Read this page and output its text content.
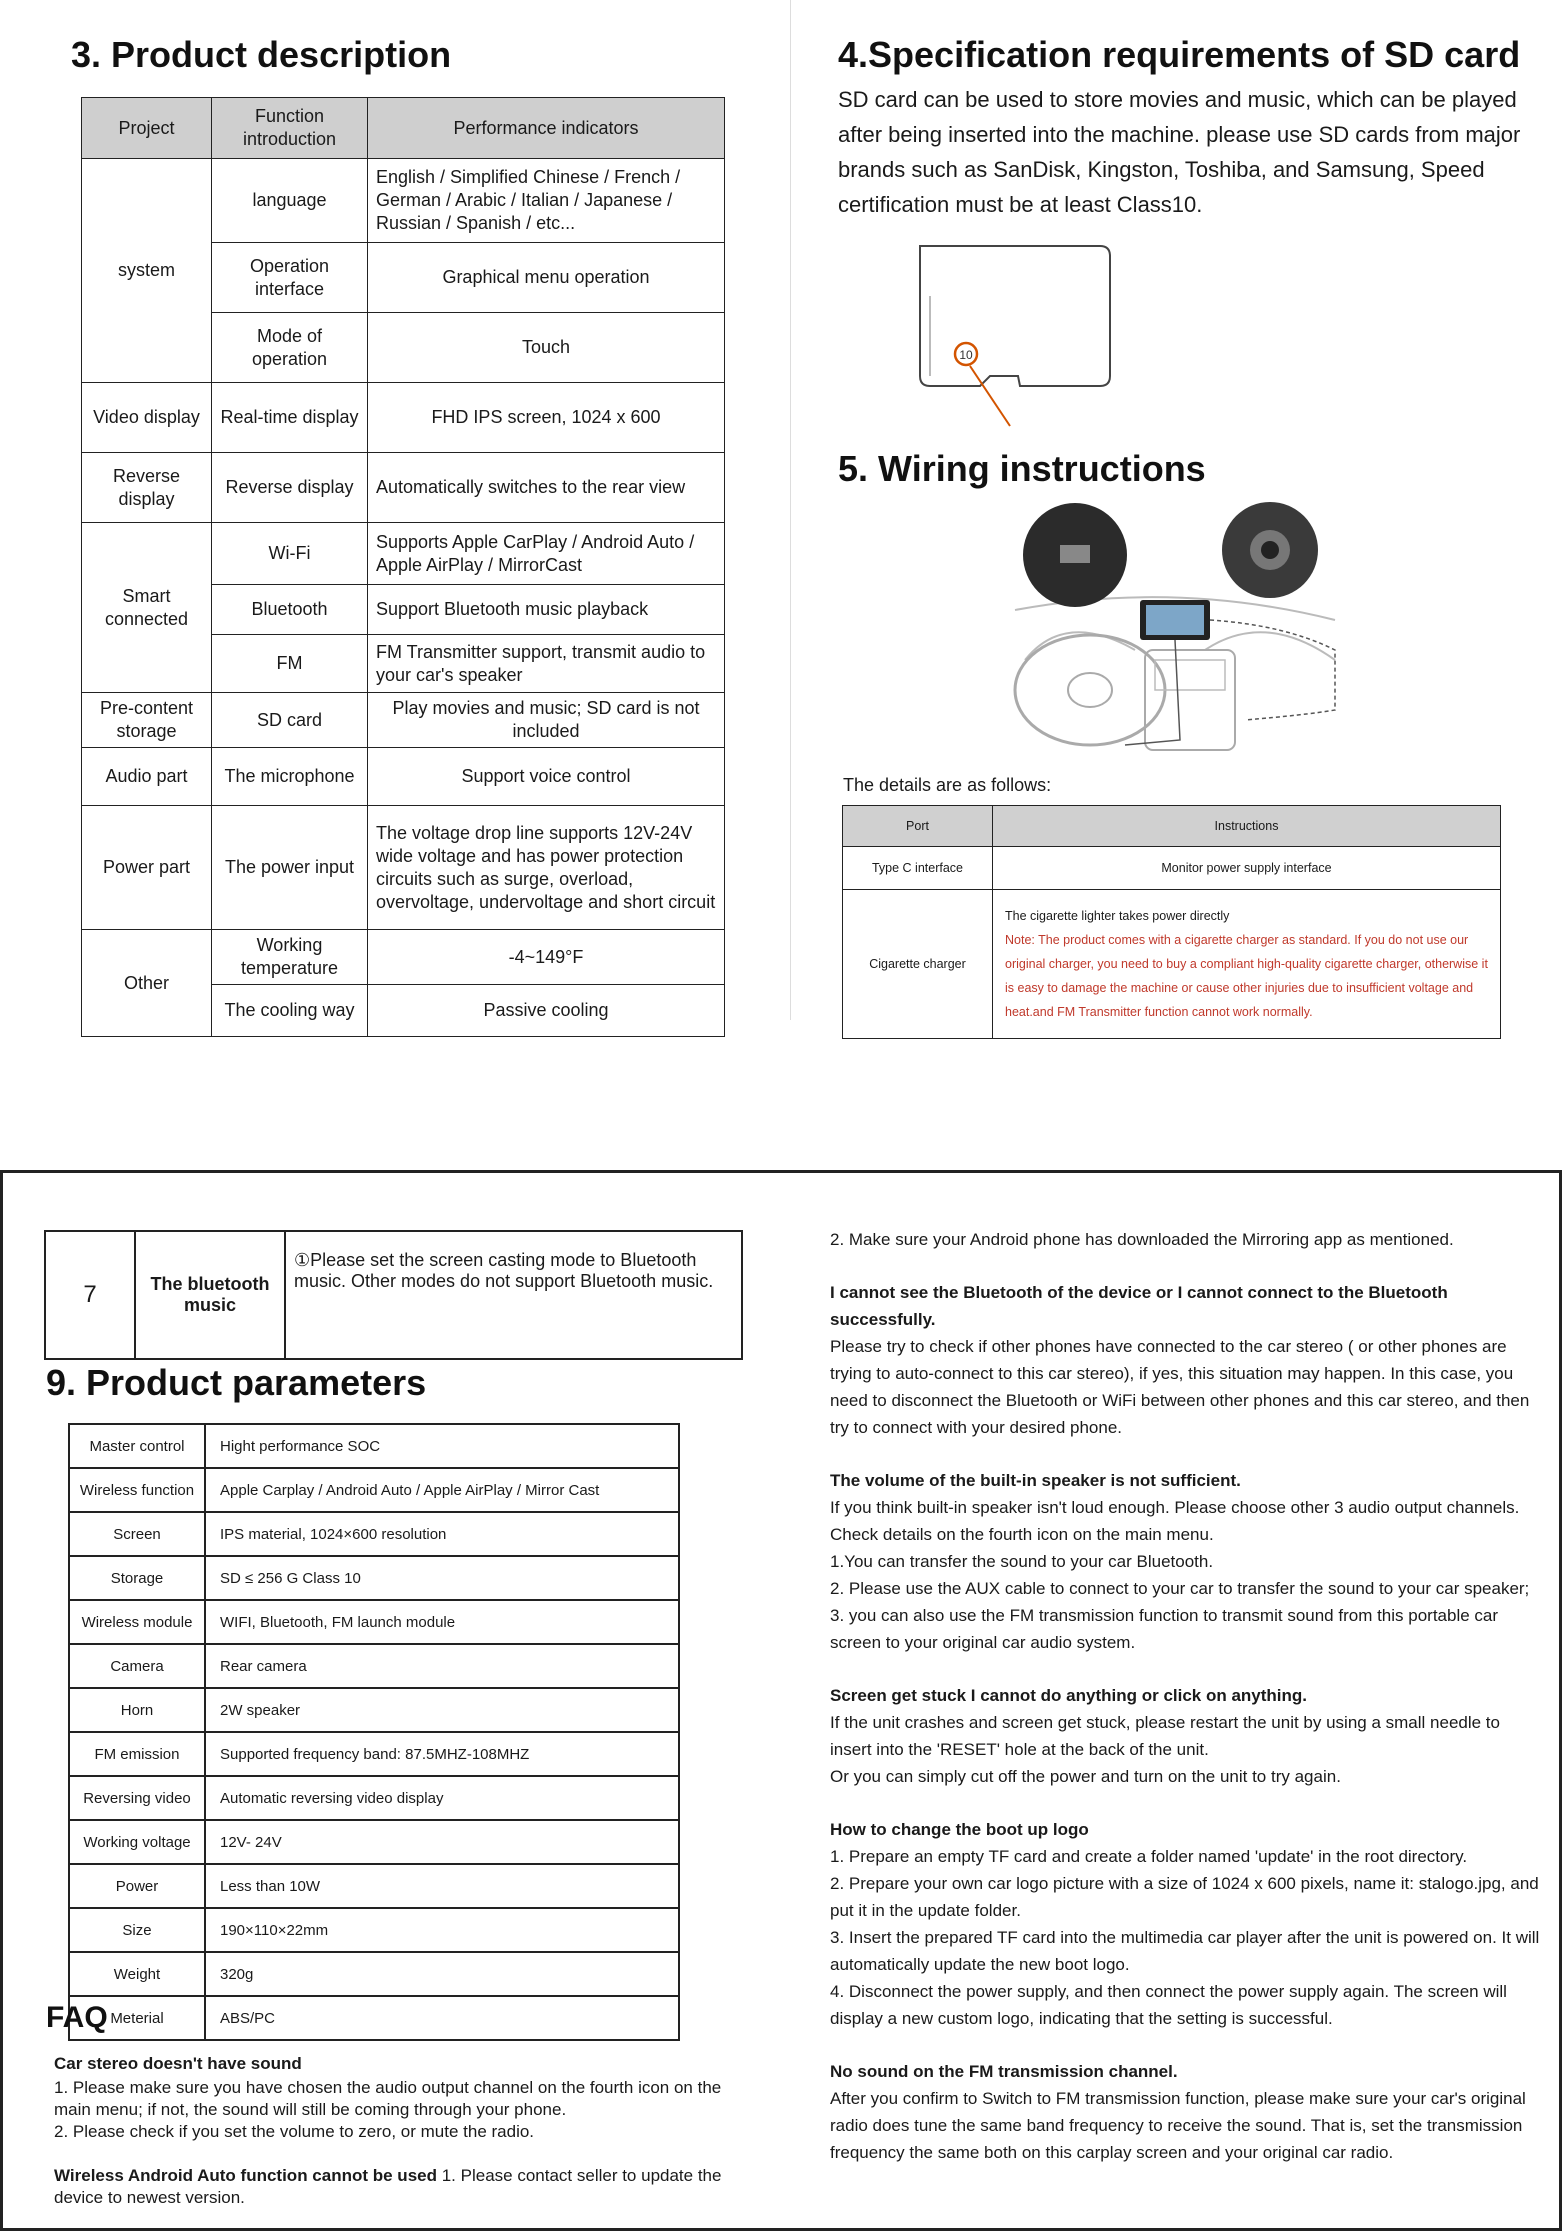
3. Product description
Project	Function introduction	Performance indicators
system	language	English / Simplified Chinese / French / German / Arabic / Italian / Japanese / Russian / Spanish / etc...
	Operation interface	Graphical menu operation
	Mode of operation	Touch
Video display	Real-time display	FHD IPS screen, 1024 x 600
Reverse display	Reverse display	Automatically switches to the rear view
Smart connected	Wi-Fi	Supports Apple CarPlay / Android Auto / Apple AirPlay / MirrorCast
	Bluetooth	Support Bluetooth music playback
	FM	FM Transmitter support, transmit audio to your car's speaker
Pre-content storage	SD card	Play movies and music; SD card is not included
Audio part	The microphone	Support voice control
Power part	The power input	The voltage drop line supports 12V-24V wide voltage and has power protection circuits such as surge, overload, overvoltage, undervoltage and short circuit
Other	Working temperature	-4~149°F
	The cooling way	Passive cooling
4.Specification requirements of SD card

SD card can be used to store movies and music, which can be played after being inserted into the machine. please use SD cards from major brands such as SanDisk, Kingston, Toshiba, and Samsung, Speed certification must be at least Class10.

10
5. Wiring instructions
The details are as follows:
Port	Instructions
Type C interface	Monitor power supply interface
Cigarette charger	The cigarette lighter takes power directly
Note: The product comes with a cigarette charger as standard. If you do not use our original charger, you need to buy a compliant high-quality cigarette charger, otherwise it is easy to damage the machine or cause other injuries due to insufficient voltage and heat.and FM Transmitter function cannot work normally.
7	The bluetooth music	①Please set the screen casting mode to Bluetooth music. Other modes do not support Bluetooth music.
9. Product parameters
Master control	Hight performance SOC
Wireless function	Apple Carplay / Android Auto / Apple AirPlay / Mirror Cast
Screen	IPS material, 1024×600 resolution
Storage	SD ≤ 256 G Class 10
Wireless module	WIFI, Bluetooth, FM launch module
Camera	Rear camera
Horn	2W speaker
FM emission	Supported frequency band: 87.5MHZ-108MHZ
Reversing video	Automatic reversing video display
Working voltage	12V- 24V
Power	Less than 10W
Size	190×110×22mm
Weight	320g
Meterial	ABS/PC
FAQ
Car stereo doesn't have sound
1. Please make sure you have chosen the audio output channel on the fourth icon on the main menu; if not, the sound will still be coming through your phone.
2. Please check if you set the volume to zero, or mute the radio.
Wireless Android Auto function cannot be used 1. Please contact seller to update the device to newest version.
2. Make sure your Android phone has downloaded the Mirroring app as mentioned.
I cannot see the Bluetooth of the device or I cannot connect to the Bluetooth successfully.
Please try to check if other phones have connected to the car stereo ( or other phones are trying to auto-connect to this car stereo), if yes, this situation may happen. In this case, you need to disconnect the Bluetooth or WiFi between other phones and this car stereo, and then try to connect with your desired phone.
The volume of the built-in speaker is not sufficient.
If you think built-in speaker isn't loud enough. Please choose other 3 audio output channels. Check details on the fourth icon on the main menu.
1.You can transfer the sound to your car Bluetooth.
2. Please use the AUX cable to connect to your car to transfer the sound to your car speaker;
3. you can also use the FM transmission function to transmit sound from this portable car screen to your original car audio system.
Screen get stuck I cannot do anything or click on anything.
If the unit crashes and screen get stuck, please restart the unit by using a small needle to insert into the 'RESET' hole at the back of the unit.
Or you can simply cut off the power and turn on the unit to try again.
How to change the boot up logo
1. Prepare an empty TF card and create a folder named 'update' in the root directory.
2. Prepare your own car logo picture with a size of 1024 x 600 pixels, name it: stalogo.jpg, and put it in the update folder.
3. Insert the prepared TF card into the multimedia car player after the unit is powered on. It will automatically update the new boot logo.
4. Disconnect the power supply, and then connect the power supply again. The screen will display a new custom logo, indicating that the setting is successful.
No sound on the FM transmission channel.
After you confirm to Switch to FM transmission function, please make sure your car's original radio does tune the same band frequency to receive the sound. That is, set the transmission frequency the same both on this carplay screen and your original car radio.
